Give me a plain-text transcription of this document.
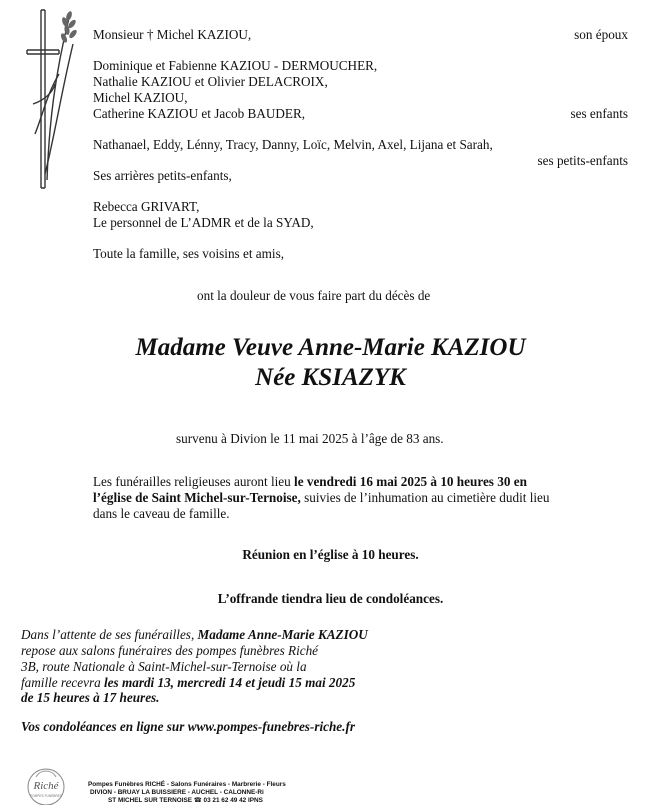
Monsieur † Michel KAZIOU,	son époux
Dominique et Fabienne KAZIOU - DERMOUCHER,
Nathalie KAZIOU et Olivier DELACROIX,
Michel KAZIOU,
Catherine KAZIOU et Jacob BAUDER,	ses enfants
Nathanael, Eddy, Lénny, Tracy, Danny, Loïc, Melvin, Axel, Lijana et Sarah,
ses petits-enfants
Ses arrières petits-enfants,
Rebecca GRIVART,
Le personnel de L’ADMR et de la SYAD,
Toute la famille, ses voisins et amis,
ont la douleur de vous faire part du décès de
Madame Veuve Anne-Marie KAZIOU
Née KSIAZYK
survenu à Divion le 11 mai 2025 à l’âge de 83 ans.
Les funérailles religieuses auront lieu le vendredi 16 mai 2025 à 10 heures 30 en
l’église de Saint Michel-sur-Ternoise, suivies de l’inhumation au cimetière dudit lieu
dans le caveau de famille.
Réunion en l’église à 10 heures.
L’offrande tiendra lieu de condoléances.
Dans l’attente de ses funérailles, Madame Anne-Marie KAZIOU
repose aux salons funéraires des pompes funèbres Riché
3B, route Nationale à Saint-Michel-sur-Ternoise où la
famille recevra les mardi 13, mercredi 14 et jeudi 15 mai 2025
de 15 heures à 17 heures.
Vos condoléances en ligne sur www.pompes-funebres-riche.fr
Riché
POMPES FUNÈBRES
Pompes Funèbres RICHÉ - Salons Funéraires - Marbrerie - Fleurs
DIVION - BRUAY LA BUISSIERE - AUCHEL - CALONNE-Ri
ST MICHEL SUR TERNOISE ☎ 03 21 62 49 42 IPNS
